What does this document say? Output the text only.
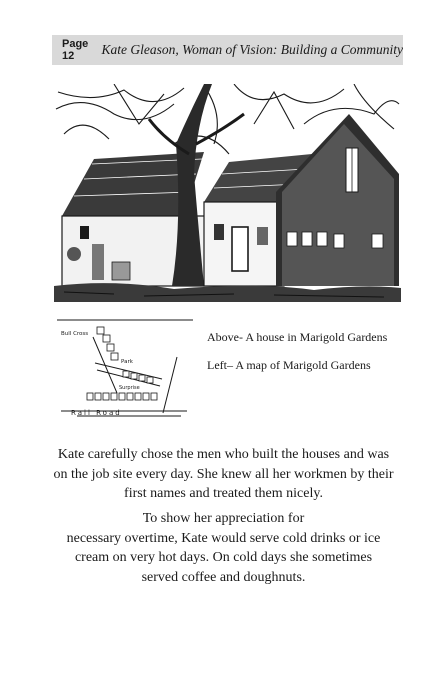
Page 12	Kate Gleason, Woman of Vision: Building a Community
Bull Cross
Park
Surprise
Rail Road
Above- A house in Marigold Gardens
Left– A map of Marigold Gardens

Kate carefully chose the men who built the houses and was on the job site every day. She knew all her workmen by their first names and treated them nicely.

To show her appreciation for
necessary overtime, Kate would serve cold drinks or ice
cream on very hot days. On cold days she sometimes
served coffee and doughnuts.
